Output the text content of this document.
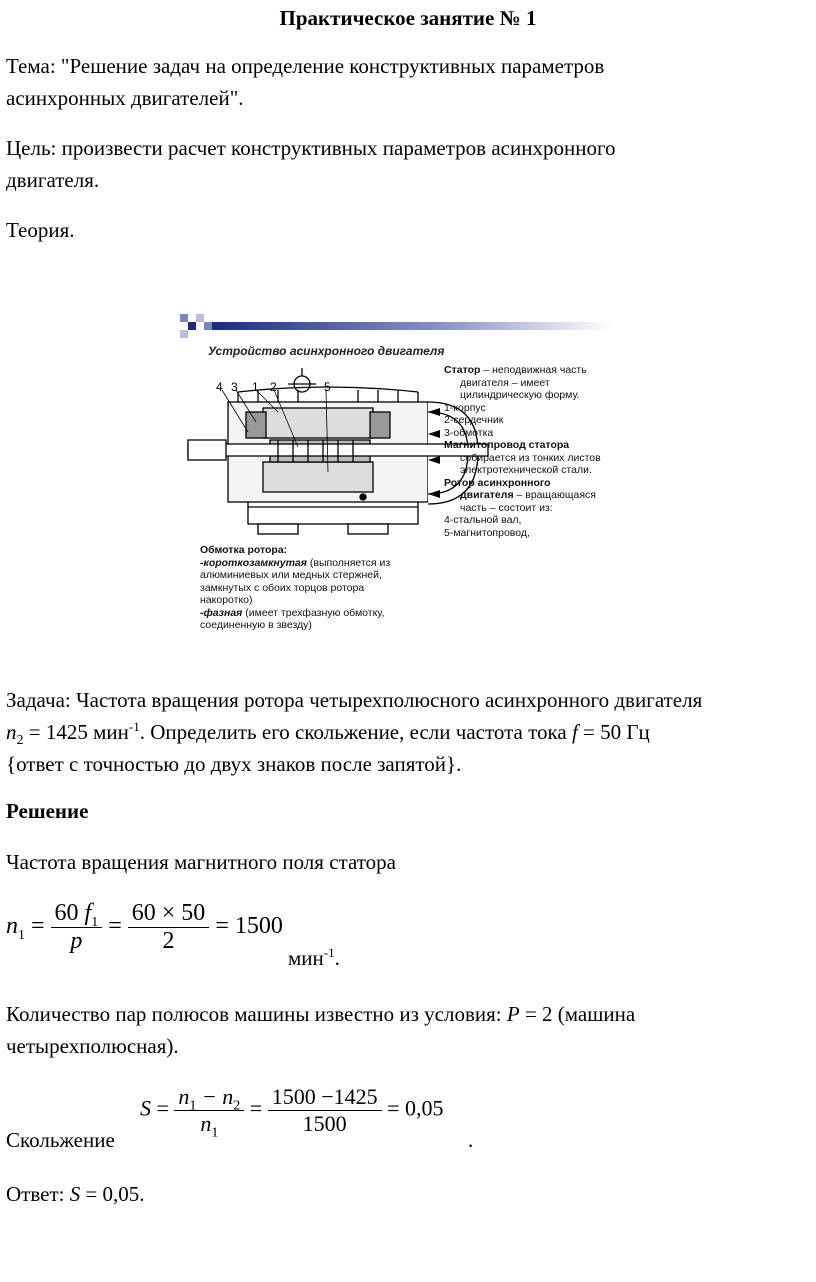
Практическое занятие № 1
Тема: "Решение задач на определение конструктивных параметров
асинхронных двигателей".
Цель: произвести расчет конструктивных параметров асинхронного
двигателя.
Теория.
Устройство асинхронного двигателя
4 3 1 2	5
Статор – неподвижная часть
двигателя – имеет
цилиндрическую форму.
1-корпус
2-сердечник
3-обмотка
Магнитопровод статора
собирается из тонких листов
электротехнической стали.
Ротор асинхронного
двигателя – вращающаяся
часть – состоит из:
4-стальной вал,
5-магнитопровод,
Обмотка ротора:
-короткозамкнутая (выполняется из
алюминиевых или медных стержней,
замкнутых с обоих торцов ротора
накоротко)
-фазная (имеет трехфазную обмотку,
соединенную в звезду)
Задача: Частота вращения ротора четырехполюсного асинхронного двигателя
$n_2 = 1425$ мин$^{-1}$. Определить его скольжение, если частота тока f = 50 Гц
{ответ с точностью до двух знаков после запятой}.
Решение
Частота вращения магнитного поля статора
$n_1 = \frac{60 f_1}{p} = \frac{60 \times 50}{2} = 1500$
мин$^{-1}$.
Количество пар полюсов машины известно из условия: P = 2 (машина
четырехполюсная).
$S = \frac{n_1 - n_2}{n_1} = \frac{1500 -1425}{1500} = 0,05$
Скольжение	.
Ответ: S = 0,05.
